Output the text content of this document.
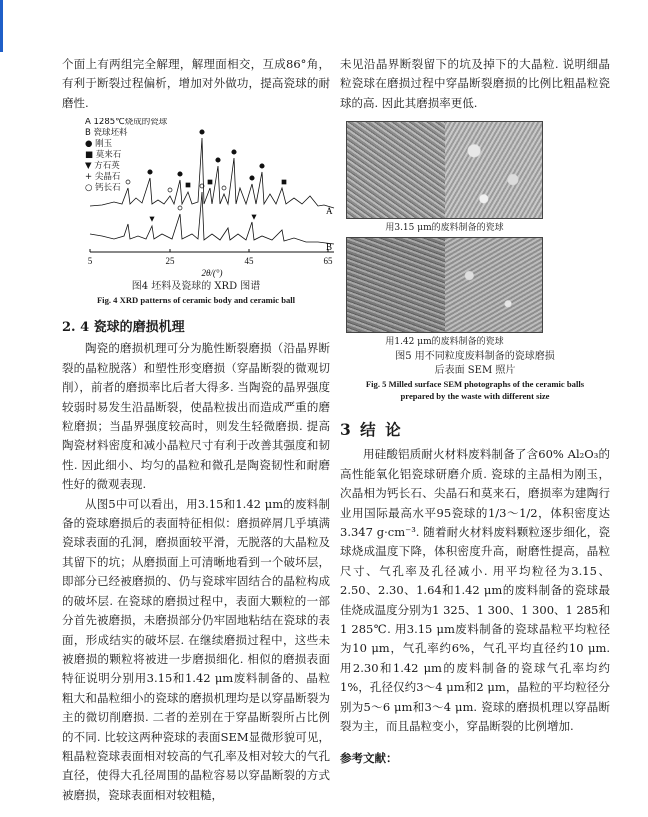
个面上有两组完全解理，解理面相交，互成86°角，有利于断裂过程偏析，增加对外做功，提高瓷球的耐磨性.

A 1285℃烧成的瓷球
B 瓷球坯料
● 刚玉
■ 莫来石
▼ 方石英
+ 尖晶石
○ 钙长石
5	25	45	65
2θ/(°)
A
B

图4 坯料及瓷球的 XRD 图谱

Fig. 4 XRD patterns of ceramic body and ceramic ball

2. 4 瓷球的磨损机理

陶瓷的磨损机理可分为脆性断裂磨损（沿晶界断裂的晶粒脱落）和塑性形变磨损（穿晶断裂的微观切削），前者的磨损率比后者大得多. 当陶瓷的晶界强度较弱时易发生沿晶断裂，使晶粒拔出而造成严重的磨粒磨损；当晶界强度较高时，则发生轻微磨损. 提高陶瓷材料密度和减小晶粒尺寸有利于改善其强度和韧性. 因此细小、均匀的晶粒和微孔是陶瓷韧性和耐磨性好的微观表现.

从图5中可以看出，用3.15和1.42 μm的废料制备的瓷球磨损后的表面特征相似：磨损碎屑几乎填满瓷球表面的孔洞，磨损面较平滑，无脱落的大晶粒及其留下的坑；从磨损面上可清晰地看到一个破坏层，即部分已经被磨损的、仍与瓷球牢固结合的晶粒构成的破坏层. 在瓷球的磨损过程中，表面大颗粒的一部分首先被磨损，未磨损部分仍牢固地粘结在瓷球的表面，形成结实的破坏层. 在继续磨损过程中，这些未被磨损的颗粒将被进一步磨损细化. 相似的磨损表面特征说明分别用3.15和1.42 μm废料制备的、晶粒粗大和晶粒细小的瓷球的磨损机理均是以穿晶断裂为主的微切削磨损. 二者的差别在于穿晶断裂所占比例的不同. 比较这两种瓷球的表面SEM显微形貌可见，粗晶粒瓷球表面相对较高的气孔率及相对较大的气孔直径，使得大孔径周围的晶粒容易以穿晶断裂的方式被磨损，瓷球表面相对较粗糙，

未见沿晶界断裂留下的坑及掉下的大晶粒. 说明细晶粒瓷球在磨损过程中穿晶断裂磨损的比例比粗晶粒瓷球的高. 因此其磨损率更低.

用3.15 μm的废料制备的瓷球

用1.42 μm的废料制备的瓷球

图5 用不同粒度废料制备的瓷球磨损

后表面 SEM 照片

Fig. 5 Milled surface SEM photographs of the ceramic balls

prepared by the waste with different size

3 结 论

用硅酸铝质耐火材料废料制备了含60% Al₂O₃的高性能氧化铝瓷球研磨介质. 瓷球的主晶相为刚玉，次晶相为钙长石、尖晶石和莫来石，磨损率为建陶行业用国际最高水平95瓷球的1/3～1/2，体积密度达3.347 g·cm⁻³. 随着耐火材料废料颗粒逐步细化，瓷球烧成温度下降，体积密度升高，耐磨性提高，晶粒尺寸、气孔率及孔径减小. 用平均粒径为3.15、2.50、2.30、1.64和1.42 μm的废料制备的瓷球最佳烧成温度分别为1 325、1 300、1 300、1 285和1 285℃. 用3.15 μm废料制备的瓷球晶粒平均粒径为10 μm，气孔率约6%，气孔平均直径约10 μm. 用2.30和1.42 μm的废料制备的瓷球气孔率均约1%，孔径仅约3～4 μm和2 μm，晶粒的平均粒径分别为5～6 μm和3～4 μm. 瓷球的磨损机理以穿晶断裂为主，而且晶粒变小，穿晶断裂的比例增加.

参考文献：
